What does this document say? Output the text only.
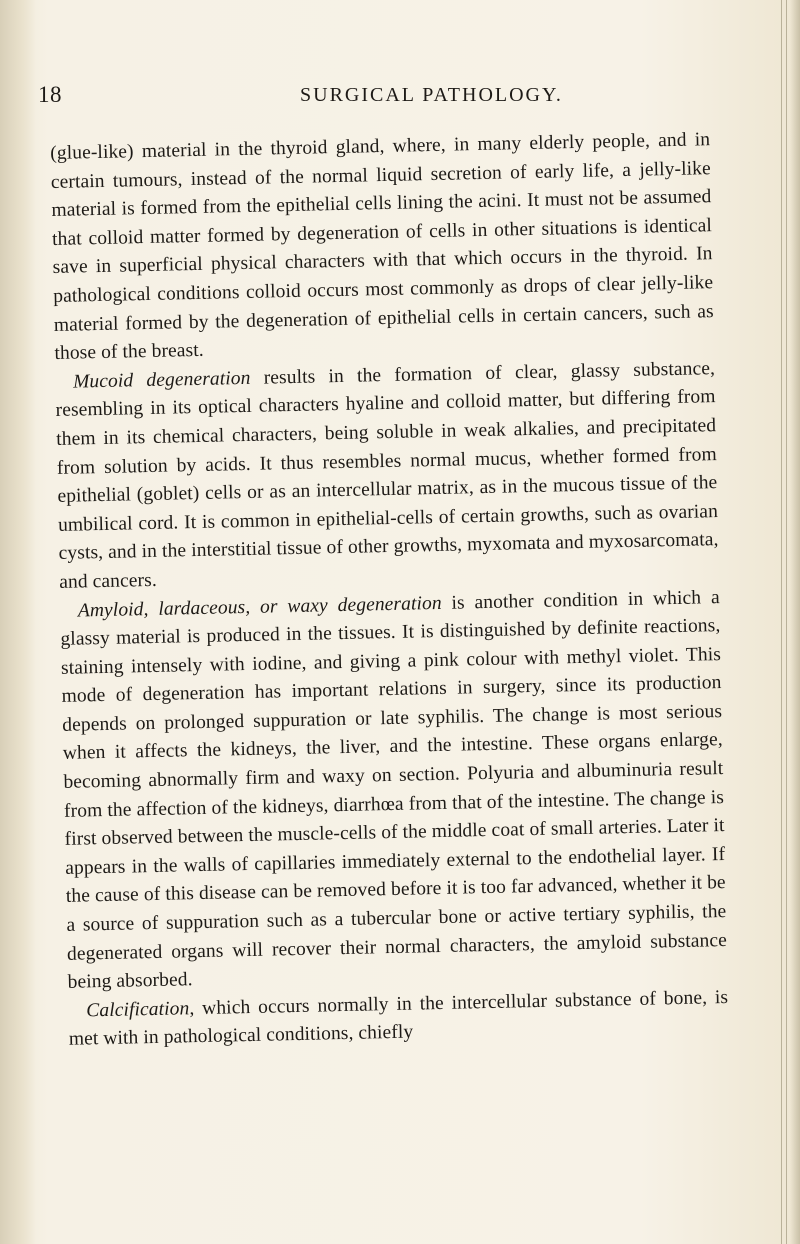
18	SURGICAL PATHOLOGY.

(glue-like) material in the thyroid gland, where, in many elderly people, and in certain tumours, instead of the normal liquid secretion of early life, a jelly-like material is formed from the epithelial cells lining the acini. It must not be assumed that colloid matter formed by degeneration of cells in other situations is identical save in superficial physical characters with that which occurs in the thyroid. In pathological conditions colloid occurs most commonly as drops of clear jelly-like material formed by the degeneration of epithelial cells in certain cancers, such as those of the breast.

Mucoid degeneration results in the formation of clear, glassy substance, resembling in its optical characters hyaline and colloid matter, but differing from them in its chemical characters, being soluble in weak alkalies, and precipitated from solution by acids. It thus resembles normal mucus, whether formed from epithelial (goblet) cells or as an intercellular matrix, as in the mucous tissue of the umbilical cord. It is common in epithelial-cells of certain growths, such as ovarian cysts, and in the interstitial tissue of other growths, myxomata and myxosarcomata, and cancers.

Amyloid, lardaceous, or waxy degeneration is another condition in which a glassy material is produced in the tissues. It is distinguished by definite reactions, staining intensely with iodine, and giving a pink colour with methyl violet. This mode of degeneration has important relations in surgery, since its production depends on prolonged suppuration or late syphilis. The change is most serious when it affects the kidneys, the liver, and the intestine. These organs enlarge, becoming abnormally firm and waxy on section. Polyuria and albuminuria result from the affection of the kidneys, diarrhœa from that of the intestine. The change is first observed between the muscle-cells of the middle coat of small arteries. Later it appears in the walls of capillaries immediately external to the endothelial layer. If the cause of this disease can be removed before it is too far advanced, whether it be a source of suppuration such as a tubercular bone or active tertiary syphilis, the degenerated organs will recover their normal characters, the amyloid substance being absorbed.

Calcification, which occurs normally in the intercellular substance of bone, is met with in pathological conditions, chiefly
